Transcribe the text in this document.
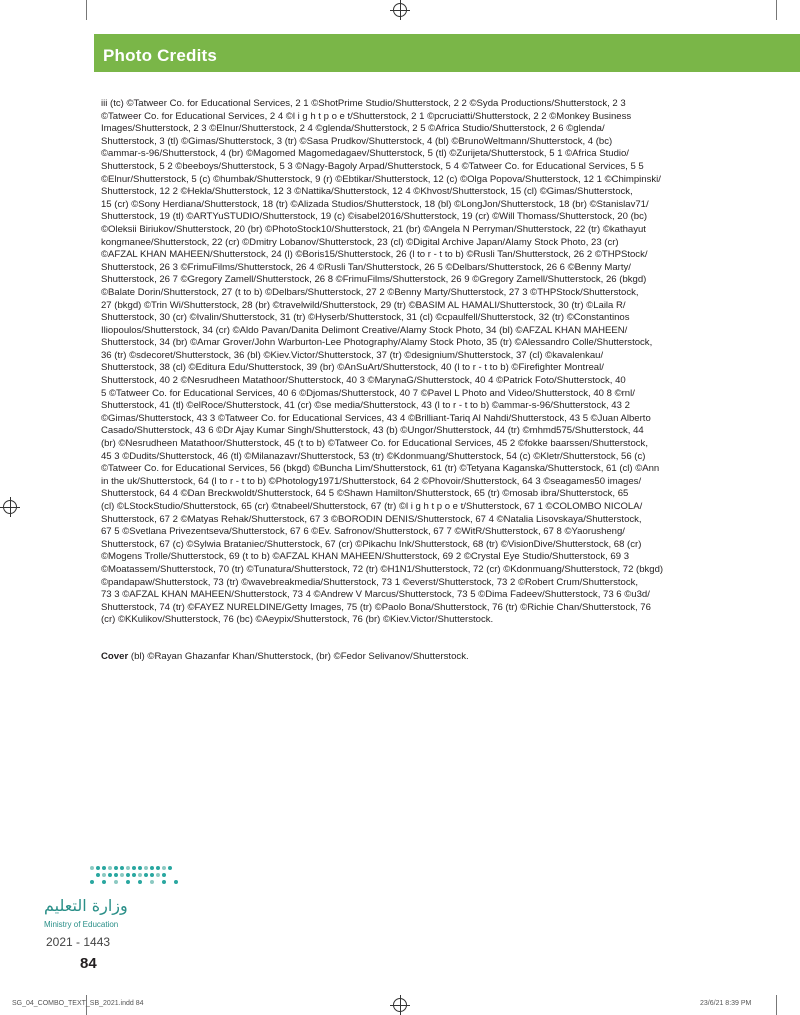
Photo Credits
iii (tc) ©Tatweer Co. for Educational Services, 2 1 ©ShotPrime Studio/Shutterstock, 2 2 ©Syda Productions/Shutterstock, 2 3
©Tatweer Co. for Educational Services, 2 4 ©l i g h t p o e t/Shutterstock, 2 1 ©pcruciatti/Shutterstock, 2 2 ©Monkey Business
Images/Shutterstock, 2 3 ©Elnur/Shutterstock, 2 4 ©glenda/Shutterstock, 2 5 ©Africa Studio/Shutterstock, 2 6 ©glenda/
Shutterstock, 3 (tl) ©Gimas/Shutterstock, 3 (tr) ©Sasa Prudkov/Shutterstock, 4 (bl) ©BrunoWeltmann/Shutterstock, 4 (bc)
©ammar-s-96/Shutterstock, 4 (br) ©Magomed Magomedagaev/Shutterstock, 5 (tl) ©Zurijeta/Shutterstock, 5 1 ©Africa Studio/
Shutterstock, 5 2 ©beeboys/Shutterstock, 5 3 ©Nagy-Bagoly Arpad/Shutterstock, 5 4 ©Tatweer Co. for Educational Services, 5 5
©Elnur/Shutterstock, 5 (c) ©humbak/Shutterstock, 9 (r) ©Ebtikar/Shutterstock, 12 (c) ©Olga Popova/Shutterstock, 12 1 ©Chimpinski/
Shutterstock, 12 2 ©Hekla/Shutterstock, 12 3 ©Nattika/Shutterstock, 12 4 ©Khvost/Shutterstock, 15 (cl) ©Gimas/Shutterstock,
15 (cr) ©Sony Herdiana/Shutterstock, 18 (tr) ©Alizada Studios/Shutterstock, 18 (bl) ©LongJon/Shutterstock, 18 (br) ©Stanislav71/
Shutterstock, 19 (tl) ©ARTYuSTUDIO/Shutterstock, 19 (c) ©isabel2016/Shutterstock, 19 (cr) ©Will Thomass/Shutterstock, 20 (bc)
©Oleksii Biriukov/Shutterstock, 20 (br) ©PhotoStock10/Shutterstock, 21 (br) ©Angela N Perryman/Shutterstock, 22 (tr) ©kathayut
kongmanee/Shutterstock, 22 (cr) ©Dmitry Lobanov/Shutterstock, 23 (cl) ©Digital Archive Japan/Alamy Stock Photo, 23 (cr)
©AFZAL KHAN MAHEEN/Shutterstock, 24 (l) ©Boris15/Shutterstock, 26 (l to r - t to b) ©Rusli Tan/Shutterstock, 26 2 ©THPStock/
Shutterstock, 26 3 ©FrimuFilms/Shutterstock, 26 4 ©Rusli Tan/Shutterstock, 26 5 ©Delbars/Shutterstock, 26 6 ©Benny Marty/
Shutterstock, 26 7 ©Gregory Zamell/Shutterstock, 26 8 ©FrimuFilms/Shutterstock, 26 9 ©Gregory Zamell/Shutterstock, 26 (bkgd)
©Balate Dorin/Shutterstock, 27 (t to b) ©Delbars/Shutterstock, 27 2 ©Benny Marty/Shutterstock, 27 3 ©THPStock/Shutterstock,
27 (bkgd) ©Trin Wi/Shutterstock, 28 (br) ©travelwild/Shutterstock, 29 (tr) ©BASIM AL HAMALI/Shutterstock, 30 (tr) ©Laila R/
Shutterstock, 30 (cr) ©Ivalin/Shutterstock, 31 (tr) ©Hyserb/Shutterstock, 31 (cl) ©cpaulfell/Shutterstock, 32 (tr) ©Constantinos
Iliopoulos/Shutterstock, 34 (cr) ©Aldo Pavan/Danita Delimont Creative/Alamy Stock Photo, 34 (bl) ©AFZAL KHAN MAHEEN/
Shutterstock, 34 (br) ©Amar Grover/John Warburton-Lee Photography/Alamy Stock Photo, 35 (tr) ©Alessandro Colle/Shutterstock,
36 (tr) ©sdecoret/Shutterstock, 36 (bl) ©Kiev.Victor/Shutterstock, 37 (tr) ©designium/Shutterstock, 37 (cl) ©kavalenkau/
Shutterstock, 38 (cl) ©Editura Edu/Shutterstock, 39 (br) ©AnSuArt/Shutterstock, 40 (l to r - t to b) ©Firefighter Montreal/
Shutterstock, 40 2 ©Nesrudheen Matathoor/Shutterstock, 40 3 ©MarynaG/Shutterstock, 40 4 ©Patrick Foto/Shutterstock, 40
5 ©Tatweer Co. for Educational Services, 40 6 ©Djomas/Shutterstock, 40 7 ©Pavel L Photo and Video/Shutterstock, 40 8 ©rnl/
Shutterstock, 41 (tl) ©elRoce/Shutterstock, 41 (cr) ©se media/Shutterstock, 43 (l to r - t to b) ©ammar-s-96/Shutterstock, 43 2
©Gimas/Shutterstock, 43 3 ©Tatweer Co. for Educational Services, 43 4 ©Brilliant-Tariq Al Nahdi/Shutterstock, 43 5 ©Juan Alberto
Casado/Shutterstock, 43 6 ©Dr Ajay Kumar Singh/Shutterstock, 43 (b) ©Ungor/Shutterstock, 44 (tr) ©mhmd575/Shutterstock, 44
(br) ©Nesrudheen Matathoor/Shutterstock, 45 (t to b) ©Tatweer Co. for Educational Services, 45 2 ©fokke baarssen/Shutterstock,
45 3 ©Dudits/Shutterstock, 46 (tl) ©Milanazavr/Shutterstock, 53 (tr) ©Kdonmuang/Shutterstock, 54 (c) ©Kletr/Shutterstock, 56 (c)
©Tatweer Co. for Educational Services, 56 (bkgd) ©Buncha Lim/Shutterstock, 61 (tr) ©Tetyana Kaganska/Shutterstock, 61 (cl) ©Ann
in the uk/Shutterstock, 64 (l to r - t to b) ©Photology1971/Shutterstock, 64 2 ©Phovoir/Shutterstock, 64 3 ©seagames50 images/
Shutterstock, 64 4 ©Dan Breckwoldt/Shutterstock, 64 5 ©Shawn Hamilton/Shutterstock, 65 (tr) ©mosab ibra/Shutterstock, 65
(cl) ©LStockStudio/Shutterstock, 65 (cr) ©tnabeel/Shutterstock, 67 (tr) ©l i g h t p o e t/Shutterstock, 67 1 ©COLOMBO NICOLA/
Shutterstock, 67 2 ©Matyas Rehak/Shutterstock, 67 3 ©BORODIN DENIS/Shutterstock, 67 4 ©Natalia Lisovskaya/Shutterstock,
67 5 ©Svetlana Privezentseva/Shutterstock, 67 6 ©Ev. Safronov/Shutterstock, 67 7 ©WitR/Shutterstock, 67 8 ©Yaorusheng/
Shutterstock, 67 (c) ©Sylwia Brataniec/Shutterstock, 67 (cr) ©Pikachu Ink/Shutterstock, 68 (tr) ©VisionDive/Shutterstock, 68 (cr)
©Mogens Trolle/Shutterstock, 69 (t to b) ©AFZAL KHAN MAHEEN/Shutterstock, 69 2 ©Crystal Eye Studio/Shutterstock, 69 3
©Moatassem/Shutterstock, 70 (tr) ©Tunatura/Shutterstock, 72 (tr) ©H1N1/Shutterstock, 72 (cr) ©Kdonmuang/Shutterstock, 72 (bkgd)
©pandapaw/Shutterstock, 73 (tr) ©wavebreakmedia/Shutterstock, 73 1 ©everst/Shutterstock, 73 2 ©Robert Crum/Shutterstock,
73 3 ©AFZAL KHAN MAHEEN/Shutterstock, 73 4 ©Andrew V Marcus/Shutterstock, 73 5 ©Dima Fadeev/Shutterstock, 73 6 ©u3d/
Shutterstock, 74 (tr) ©FAYEZ NURELDINE/Getty Images, 75 (tr) ©Paolo Bona/Shutterstock, 76 (tr) ©Richie Chan/Shutterstock, 76
(cr) ©KKulikov/Shutterstock, 76 (bc) ©Aeypix/Shutterstock, 76 (br) ©Kiev.Victor/Shutterstock.
Cover (bl) ©Rayan Ghazanfar Khan/Shutterstock, (br) ©Fedor Selivanov/Shutterstock.
وزارة التعليم
Ministry of Education
2021 - 1443
84
SG_04_COMBO_TEXT_SB_2021.indd 84	23/6/21 8:39 PM
